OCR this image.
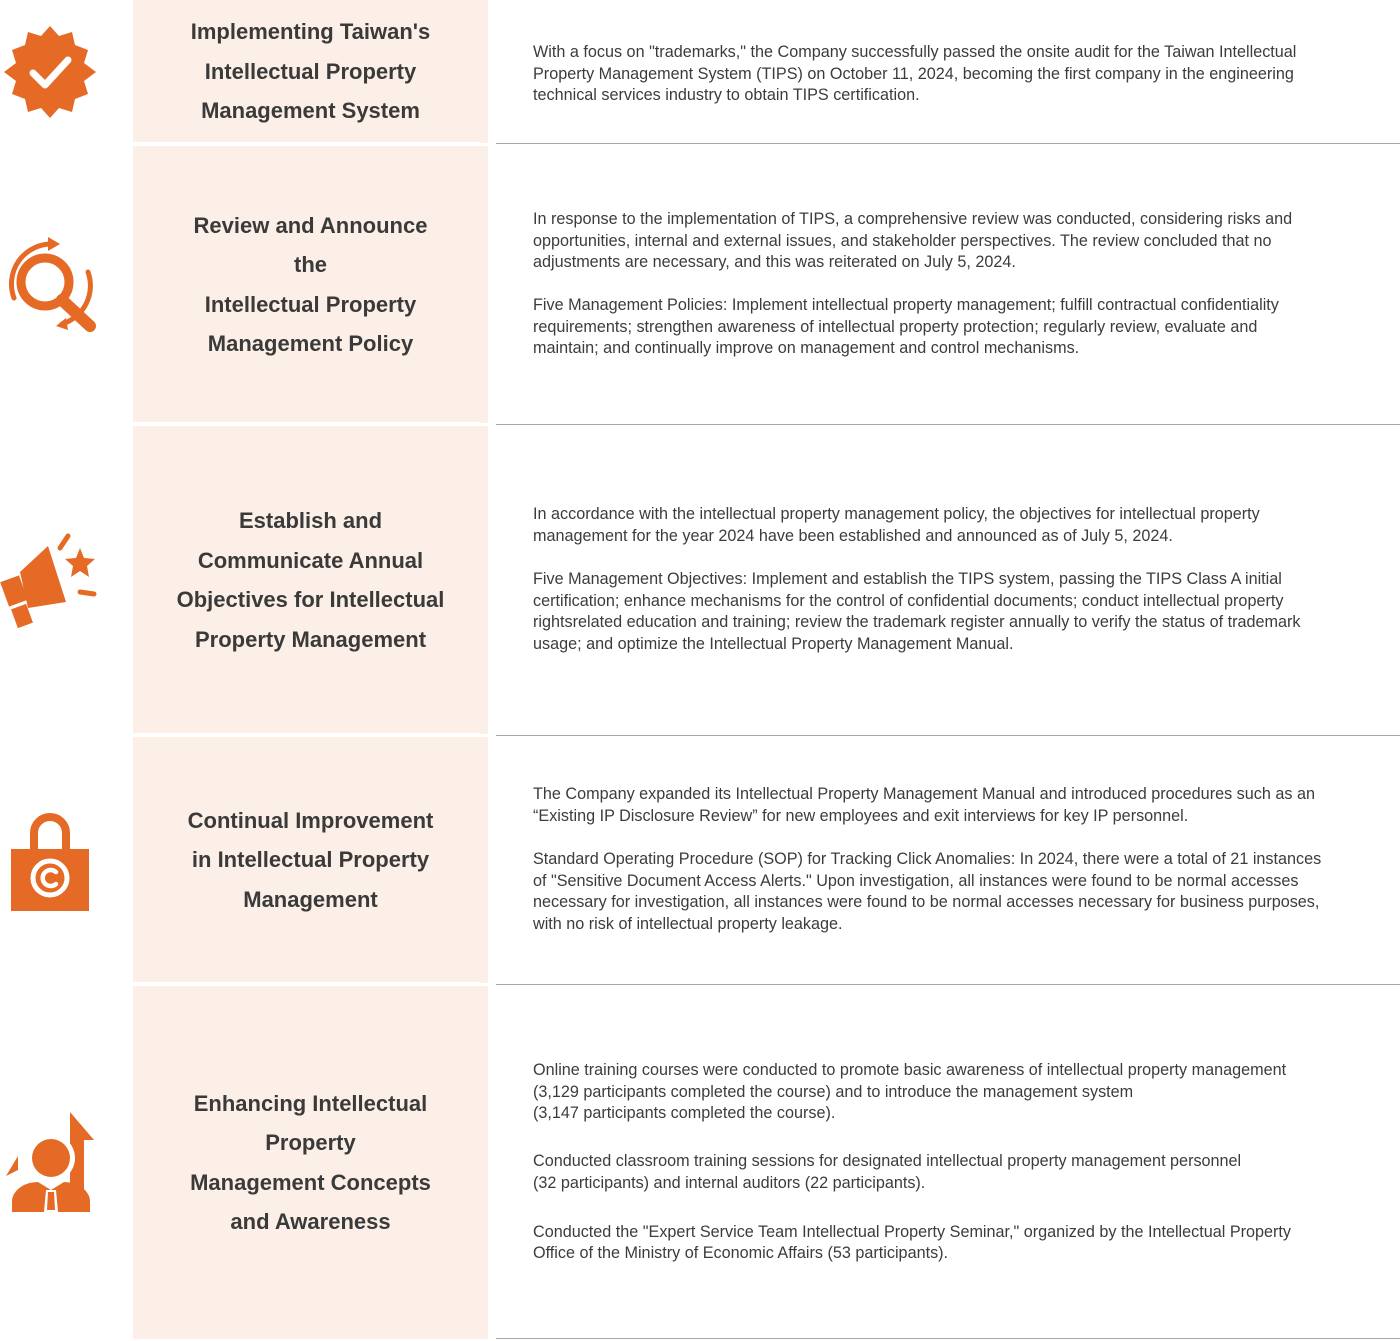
Implementing Taiwan's
Intellectual Property
Management System

With a focus on "trademarks," the Company successfully passed the onsite audit for the Taiwan Intellectual
Property Management System (TIPS) on October 11, 2024, becoming the first company in the engineering
technical services industry to obtain TIPS certification.

Review and Announce
the
Intellectual Property
Management Policy

In response to the implementation of TIPS, a comprehensive review was conducted, considering risks and
opportunities, internal and external issues, and stakeholder perspectives. The review concluded that no
adjustments are necessary, and this was reiterated on July 5, 2024.

Five Management Policies: Implement intellectual property management; fulfill contractual confidentiality
requirements; strengthen awareness of intellectual property protection; regularly review, evaluate and
maintain; and continually improve on management and control mechanisms.

Establish and
Communicate Annual
Objectives for Intellectual
Property Management

In accordance with the intellectual property management policy, the objectives for intellectual property
management for the year 2024 have been established and announced as of July 5, 2024.

Five Management Objectives: Implement and establish the TIPS system, passing the TIPS Class A initial
certification; enhance mechanisms for the control of confidential documents; conduct intellectual property
rightsrelated education and training; review the trademark register annually to verify the status of trademark
usage; and optimize the Intellectual Property Management Manual.

Continual Improvement
in Intellectual Property
Management

The Company expanded its Intellectual Property Management Manual and introduced procedures such as an
“Existing IP Disclosure Review” for new employees and exit interviews for key IP personnel.

Standard Operating Procedure (SOP) for Tracking Click Anomalies: In 2024, there were a total of 21 instances
of "Sensitive Document Access Alerts." Upon investigation, all instances were found to be normal accesses
necessary for investigation, all instances were found to be normal accesses necessary for business purposes,
with no risk of intellectual property leakage.

Enhancing Intellectual
Property
Management Concepts
and Awareness

Online training courses were conducted to promote basic awareness of intellectual property management
(3,129 participants completed the course) and to introduce the management system
(3,147 participants completed the course).

Conducted classroom training sessions for designated intellectual property management personnel
(32 participants) and internal auditors (22 participants).

Conducted the "Expert Service Team Intellectual Property Seminar," organized by the Intellectual Property
Office of the Ministry of Economic Affairs (53 participants).
